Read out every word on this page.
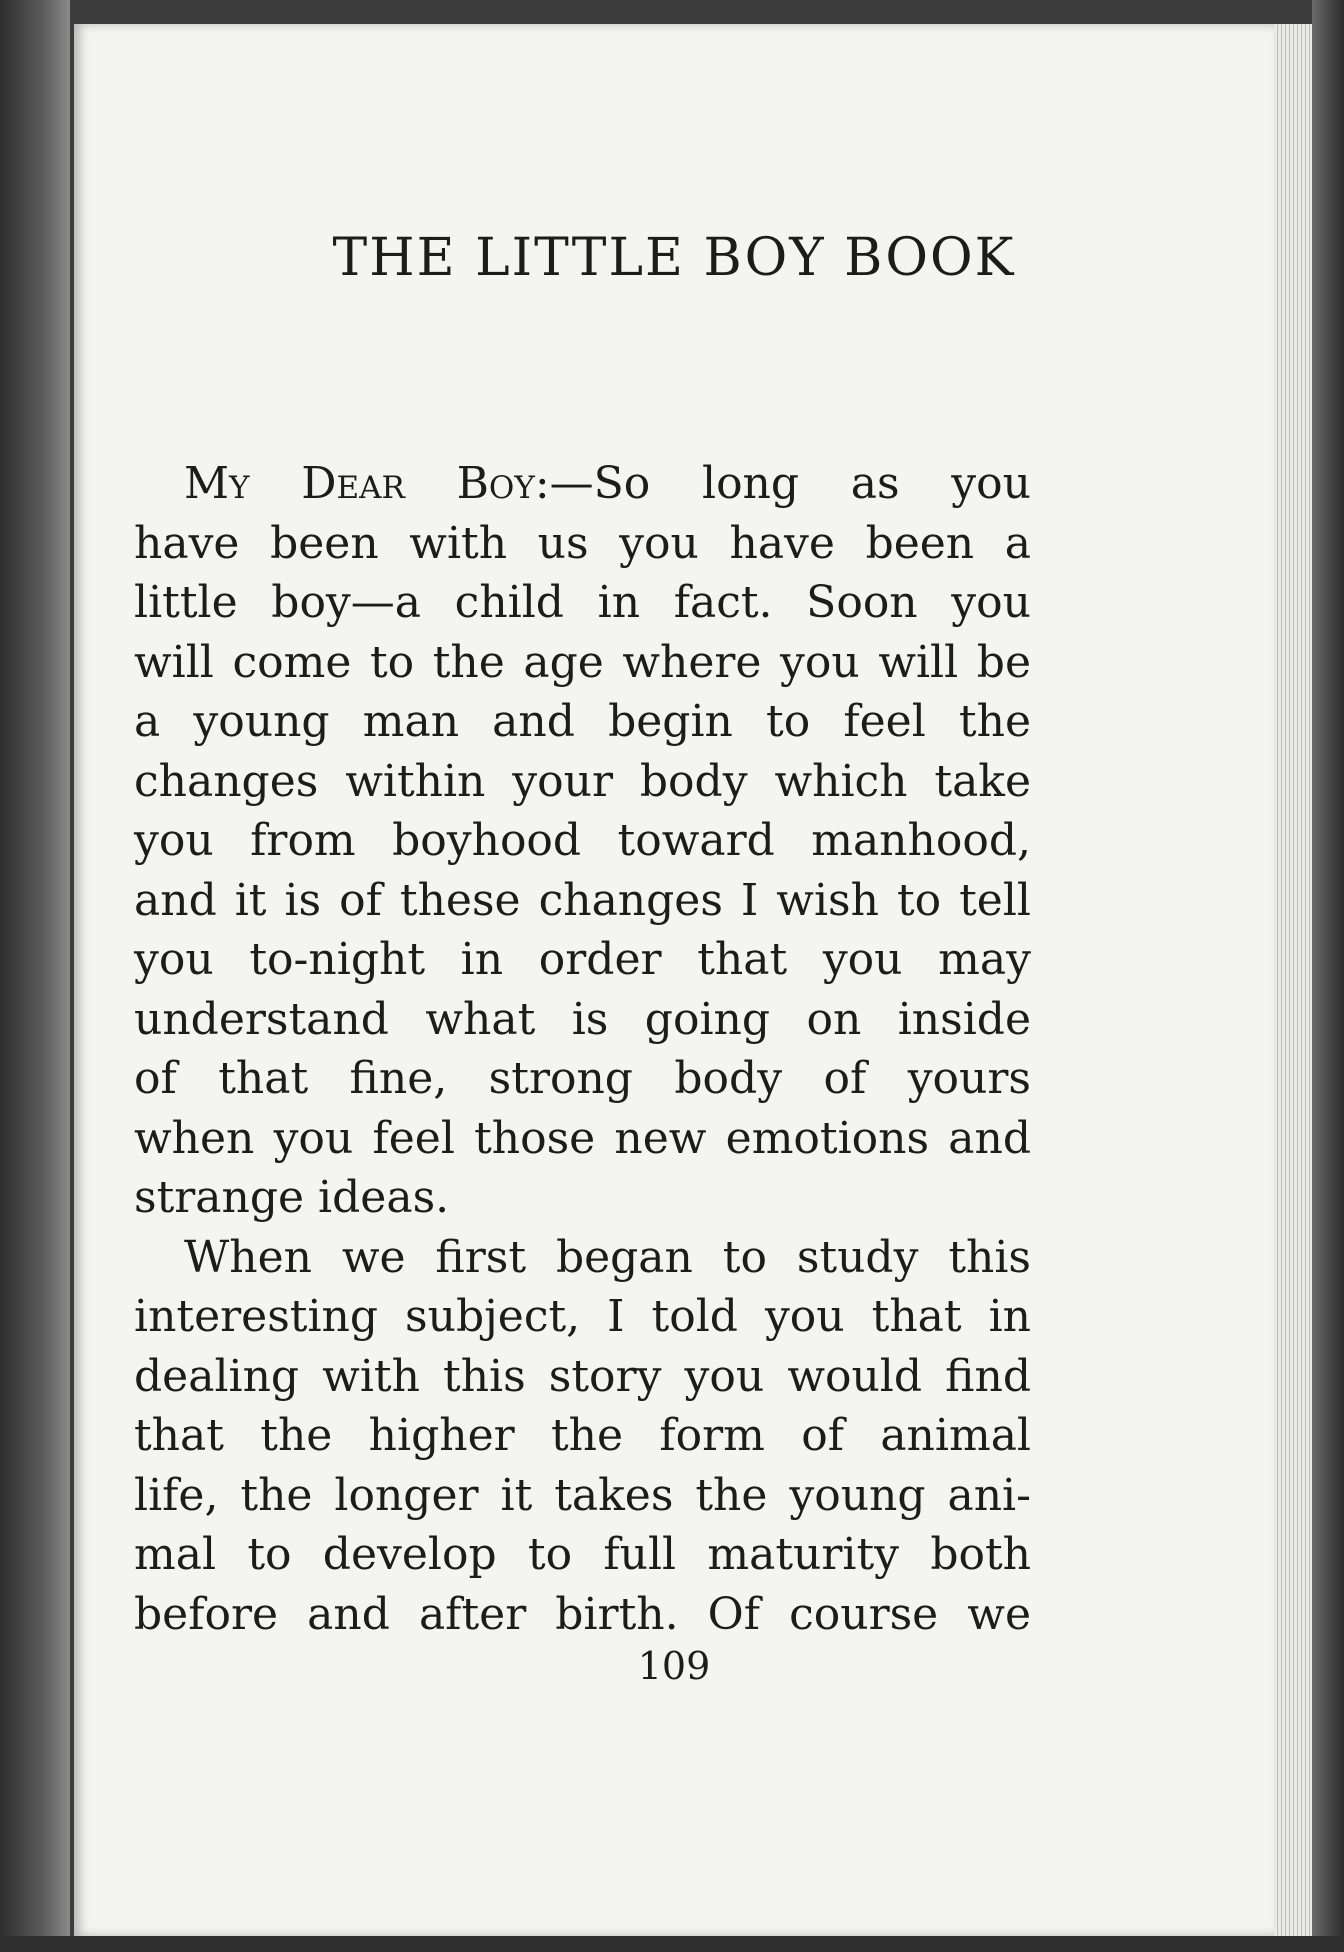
THE LITTLE BOY BOOK
My Dear Boy:—So long as you
have been with us you have been a
little boy—a child in fact. Soon you
will come to the age where you will be
a young man and begin to feel the
changes within your body which take
you from boyhood toward manhood,
and it is of these changes I wish to tell
you to-night in order that you may
understand what is going on inside
of that fine, strong body of yours
when you feel those new emotions and
strange ideas.
When we first began to study this
interesting subject, I told you that in
dealing with this story you would find
that the higher the form of animal
life, the longer it takes the young ani-
mal to develop to full maturity both
before and after birth. Of course we
109
